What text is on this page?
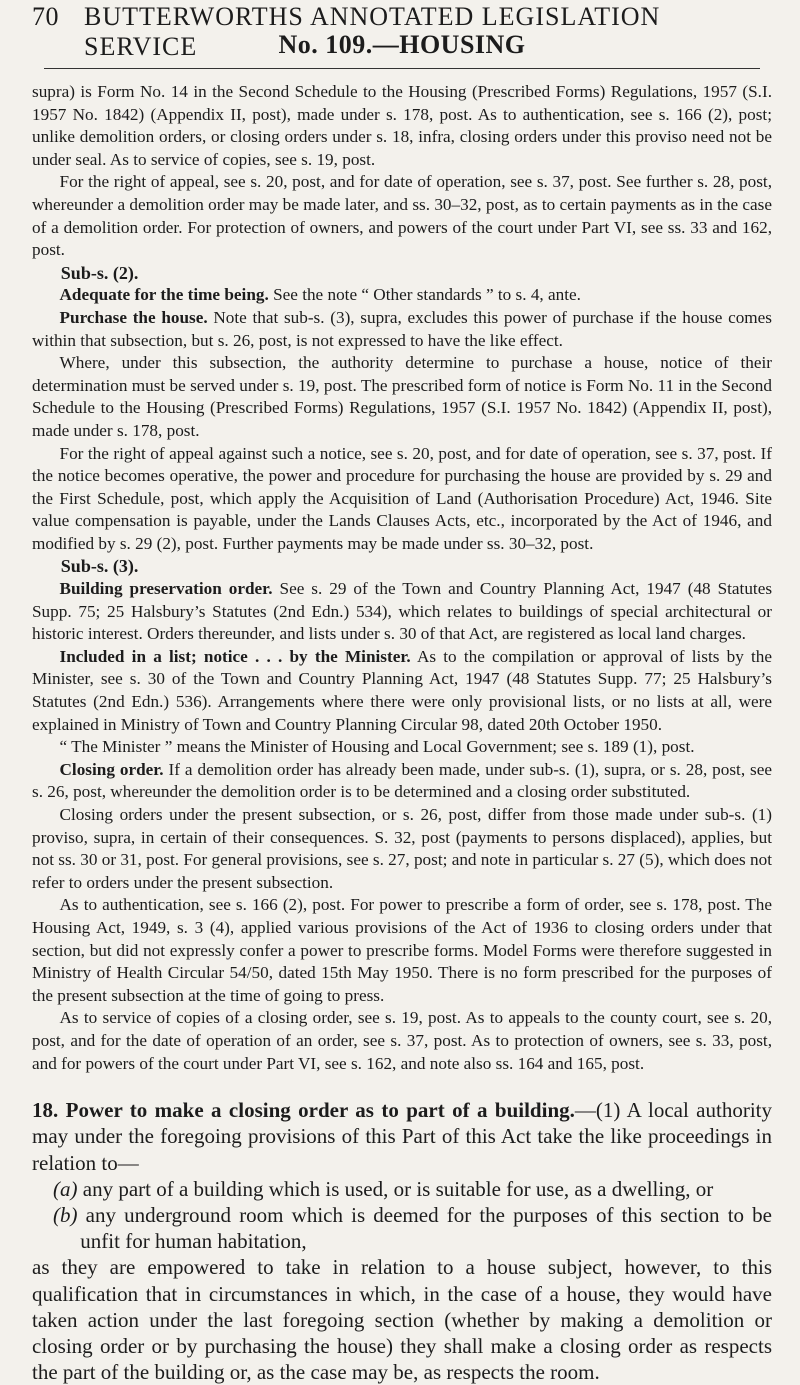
70 BUTTERWORTHS ANNOTATED LEGISLATION SERVICE	No. 109.—HOUSING

supra) is Form No. 14 in the Second Schedule to the Housing (Prescribed Forms) Regulations, 1957 (S.I. 1957 No. 1842) (Appendix II, post), made under s. 178, post. As to authentication, see s. 166 (2), post; unlike demolition orders, or closing orders under s. 18, infra, closing orders under this proviso need not be under seal. As to service of copies, see s. 19, post.

For the right of appeal, see s. 20, post, and for date of operation, see s. 37, post. See further s. 28, post, whereunder a demolition order may be made later, and ss. 30–32, post, as to certain payments as in the case of a demolition order. For protection of owners, and powers of the court under Part VI, see ss. 33 and 162, post.

Sub-s. (2).

Adequate for the time being. See the note “ Other standards ” to s. 4, ante.

Purchase the house. Note that sub-s. (3), supra, excludes this power of purchase if the house comes within that subsection, but s. 26, post, is not expressed to have the like effect.

Where, under this subsection, the authority determine to purchase a house, notice of their determination must be served under s. 19, post. The prescribed form of notice is Form No. 11 in the Second Schedule to the Housing (Prescribed Forms) Regulations, 1957 (S.I. 1957 No. 1842) (Appendix II, post), made under s. 178, post.

For the right of appeal against such a notice, see s. 20, post, and for date of operation, see s. 37, post. If the notice becomes operative, the power and procedure for purchasing the house are provided by s. 29 and the First Schedule, post, which apply the Acquisition of Land (Authorisation Procedure) Act, 1946. Site value compensation is payable, under the Lands Clauses Acts, etc., incorporated by the Act of 1946, and modified by s. 29 (2), post. Further payments may be made under ss. 30–32, post.

Sub-s. (3).

Building preservation order. See s. 29 of the Town and Country Planning Act, 1947 (48 Statutes Supp. 75; 25 Halsbury’s Statutes (2nd Edn.) 534), which relates to buildings of special architectural or historic interest. Orders thereunder, and lists under s. 30 of that Act, are registered as local land charges.

Included in a list; notice . . . by the Minister. As to the compilation or approval of lists by the Minister, see s. 30 of the Town and Country Planning Act, 1947 (48 Statutes Supp. 77; 25 Halsbury’s Statutes (2nd Edn.) 536). Arrangements where there were only provisional lists, or no lists at all, were explained in Ministry of Town and Country Planning Circular 98, dated 20th October 1950.

“ The Minister ” means the Minister of Housing and Local Government; see s. 189 (1), post.

Closing order. If a demolition order has already been made, under sub-s. (1), supra, or s. 28, post, see s. 26, post, whereunder the demolition order is to be determined and a closing order substituted.

Closing orders under the present subsection, or s. 26, post, differ from those made under sub-s. (1) proviso, supra, in certain of their consequences. S. 32, post (payments to persons displaced), applies, but not ss. 30 or 31, post. For general provisions, see s. 27, post; and note in particular s. 27 (5), which does not refer to orders under the present subsection.

As to authentication, see s. 166 (2), post. For power to prescribe a form of order, see s. 178, post. The Housing Act, 1949, s. 3 (4), applied various provisions of the Act of 1936 to closing orders under that section, but did not expressly confer a power to prescribe forms. Model Forms were therefore suggested in Ministry of Health Circular 54/50, dated 15th May 1950. There is no form prescribed for the purposes of the present subsection at the time of going to press.

As to service of copies of a closing order, see s. 19, post. As to appeals to the county court, see s. 20, post, and for the date of operation of an order, see s. 37, post. As to protection of owners, see s. 33, post, and for powers of the court under Part VI, see s. 162, and note also ss. 164 and 165, post.

18. Power to make a closing order as to part of a building.—(1) A local authority may under the foregoing provisions of this Part of this Act take the like proceedings in relation to—

(a) any part of a building which is used, or is suitable for use, as a dwelling, or

(b) any underground room which is deemed for the purposes of this section to be unfit for human habitation,

as they are empowered to take in relation to a house subject, however, to this qualification that in circumstances in which, in the case of a house, they would have taken action under the last foregoing section (whether by making a demolition or closing order or by purchasing the house) they shall make a closing order as respects the part of the building or, as the case may be, as respects the room.
